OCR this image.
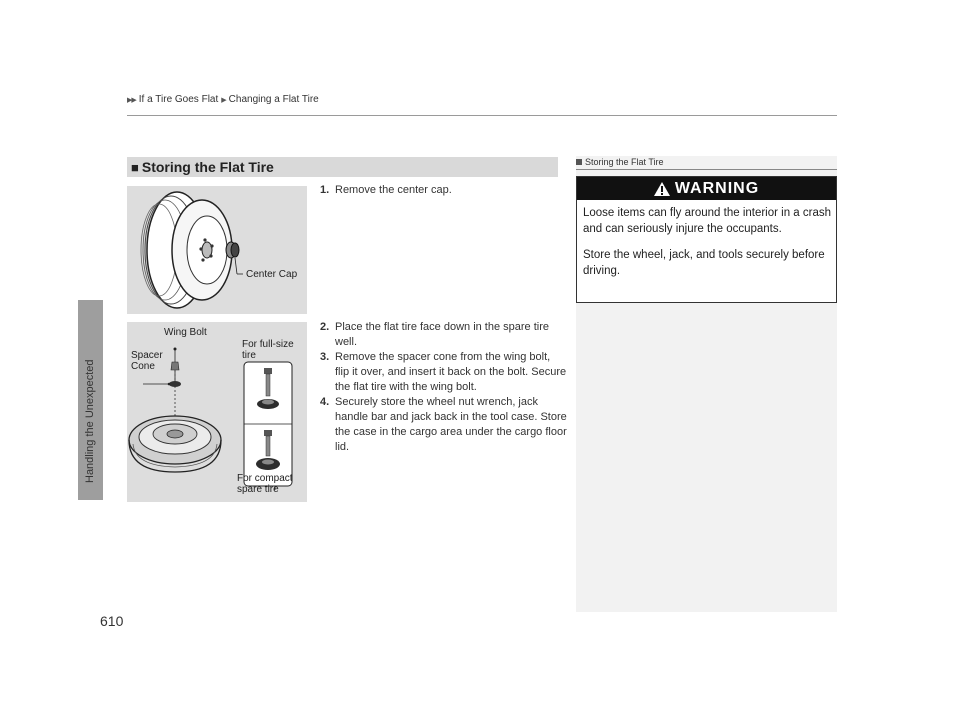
▶▶ If a Tire Goes Flat ▶ Changing a Flat Tire
Handling the Unexpected
610
■ Storing the Flat Tire
Center Cap
Wing Bolt
Spacer Cone
For full-size tire
For compact spare tire
1. Remove the center cap.
2. Place the flat tire face down in the spare tire well.
3. Remove the spacer cone from the wing bolt, flip it over, and insert it back on the bolt. Secure the flat tire with the wing bolt.
4. Securely store the wheel nut wrench, jack handle bar and jack back in the tool case. Store the case in the cargo area under the cargo floor lid.
Storing the Flat Tire
WARNING

Loose items can fly around the interior in a crash and can seriously injure the occupants.

Store the wheel, jack, and tools securely before driving.
